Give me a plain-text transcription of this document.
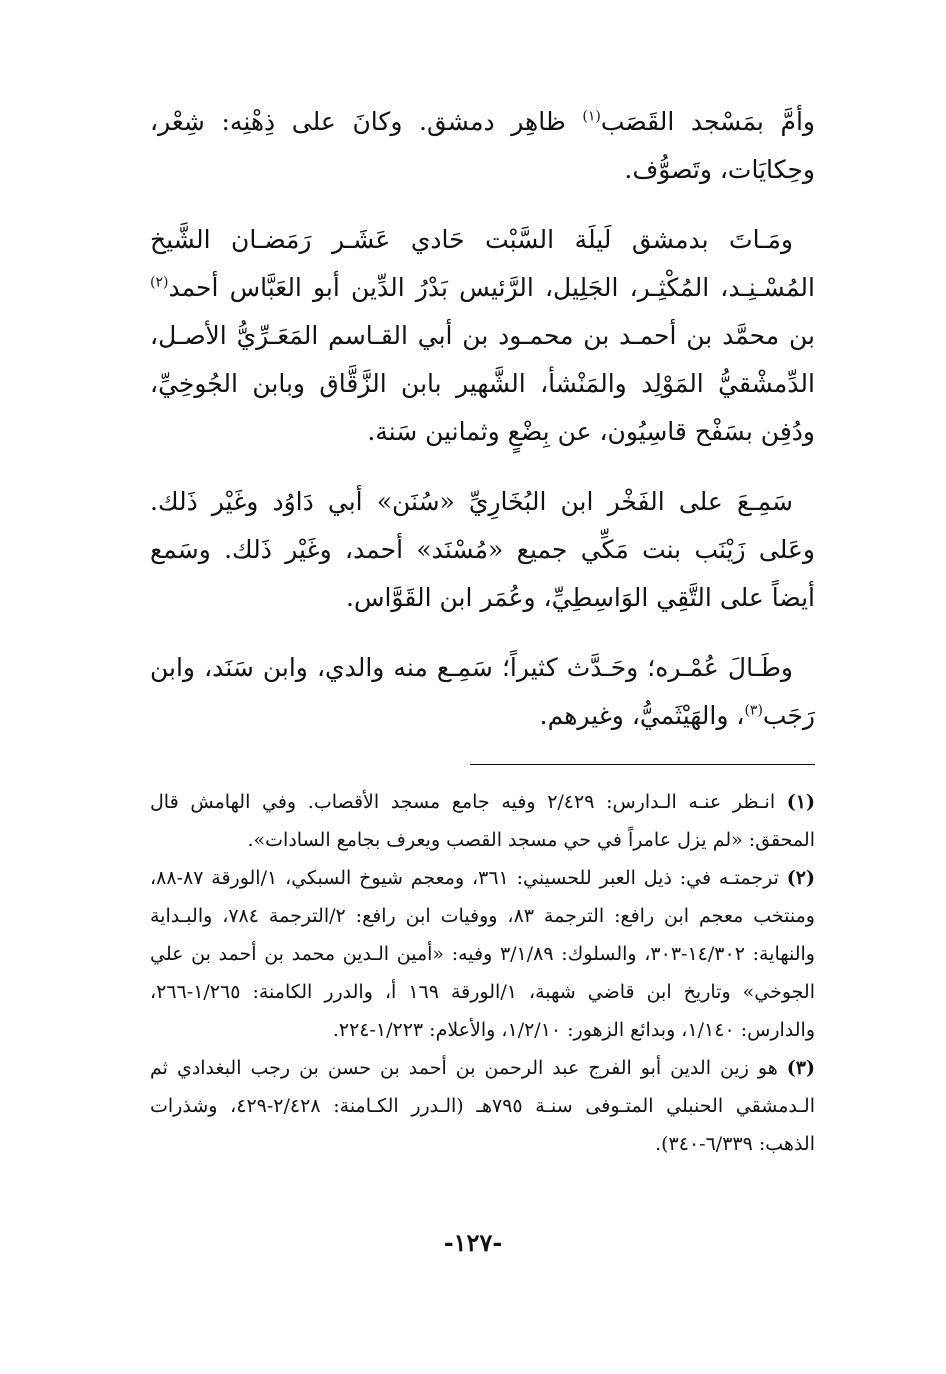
وأمَّ بمَسْجد القَصَب$^{(١)}$ ظاهِر دمشق. وكانَ على ذِهْنِه: شِعْر، وحِكايَات، وتَصوُّف.

ومَـاتَ بدمشق لَيلَة السَّبْت حَادي عَشَـر رَمَضـان الشَّيخ المُسْـنِـد، المُكْثِـر، الجَلِيل، الرَّئيس بَدْرُ الدِّين أبو العَبَّاس أحمد$^{(٢)}$ بن محمَّد بن أحمـد بن محمـود بن أبي القـاسم المَعَـرِّيُّ الأصـل، الدِّمشْقيُّ المَوْلِد والمَنْشأ، الشَّهير بابن الزَّقَّاق وبابن الجُوخِيِّ، ودُفِن بسَفْح قاسِيُون، عن بِضْعٍ وثمانين سَنة.

سَمِـعَ على الفَخْر ابن البُخَارِيِّ «سُنَن» أبي دَاوُد وغَيْر ذَلك. وعَلى زَيْنَب بنت مَكِّي جميع «مُسْنَد» أحمد، وغَيْر ذَلك. وسَمع أيضاً على التَّقِي الوَاسِطِيِّ، وعُمَر ابن القَوَّاس.

وطَـالَ عُمْـره؛ وحَـدَّث كثيراً؛ سَمِـع منه والدي، وابن سَنَد، وابن رَجَب$^{(٣)}$، والهَيْثَميُّ، وغيرهم.

(١) انـظر عنـه الـدارس: ٢/٤٢٩ وفيه جامع مسجد الأقصاب. وفي الهامش قال المحقق: «لم يزل عامراً في حي مسجد القصب ويعرف بجامع السادات».

(٢) ترجمتـه في: ذيل العبر للحسيني: ٣٦١، ومعجم شيوخ السبكي، ١/الورقة ٨٧-٨٨، ومنتخب معجم ابن رافع: الترجمة ٨٣، ووفيات ابن رافع: ٢/الترجمة ٧٨٤، والبـداية والنهاية: ١٤/٣٠٢-٣٠٣، والسلوك: ٣/١/٨٩ وفيه: «أمين الـدين محمد بن أحمد بن علي الجوخي» وتاريخ ابن قاضي شهبة، ١/الورقة ١٦٩ أ، والدرر الكامنة: ١/٢٦٥-٢٦٦، والدارس: ١/١٤٠، وبدائع الزهور: ١/٢/١٠، والأعلام: ١/٢٢٣-٢٢٤.

(٣) هو زين الدين أبو الفرج عبد الرحمن بن أحمد بن حسن بن رجب البغدادي ثم الـدمشقي الحنبلي المتـوفى سنـة ٧٩٥هـ (الـدرر الكـامنة: ٢/٤٢٨-٤٢٩، وشذرات الذهب: ٦/٣٣٩-٣٤٠).

-١٢٧-
